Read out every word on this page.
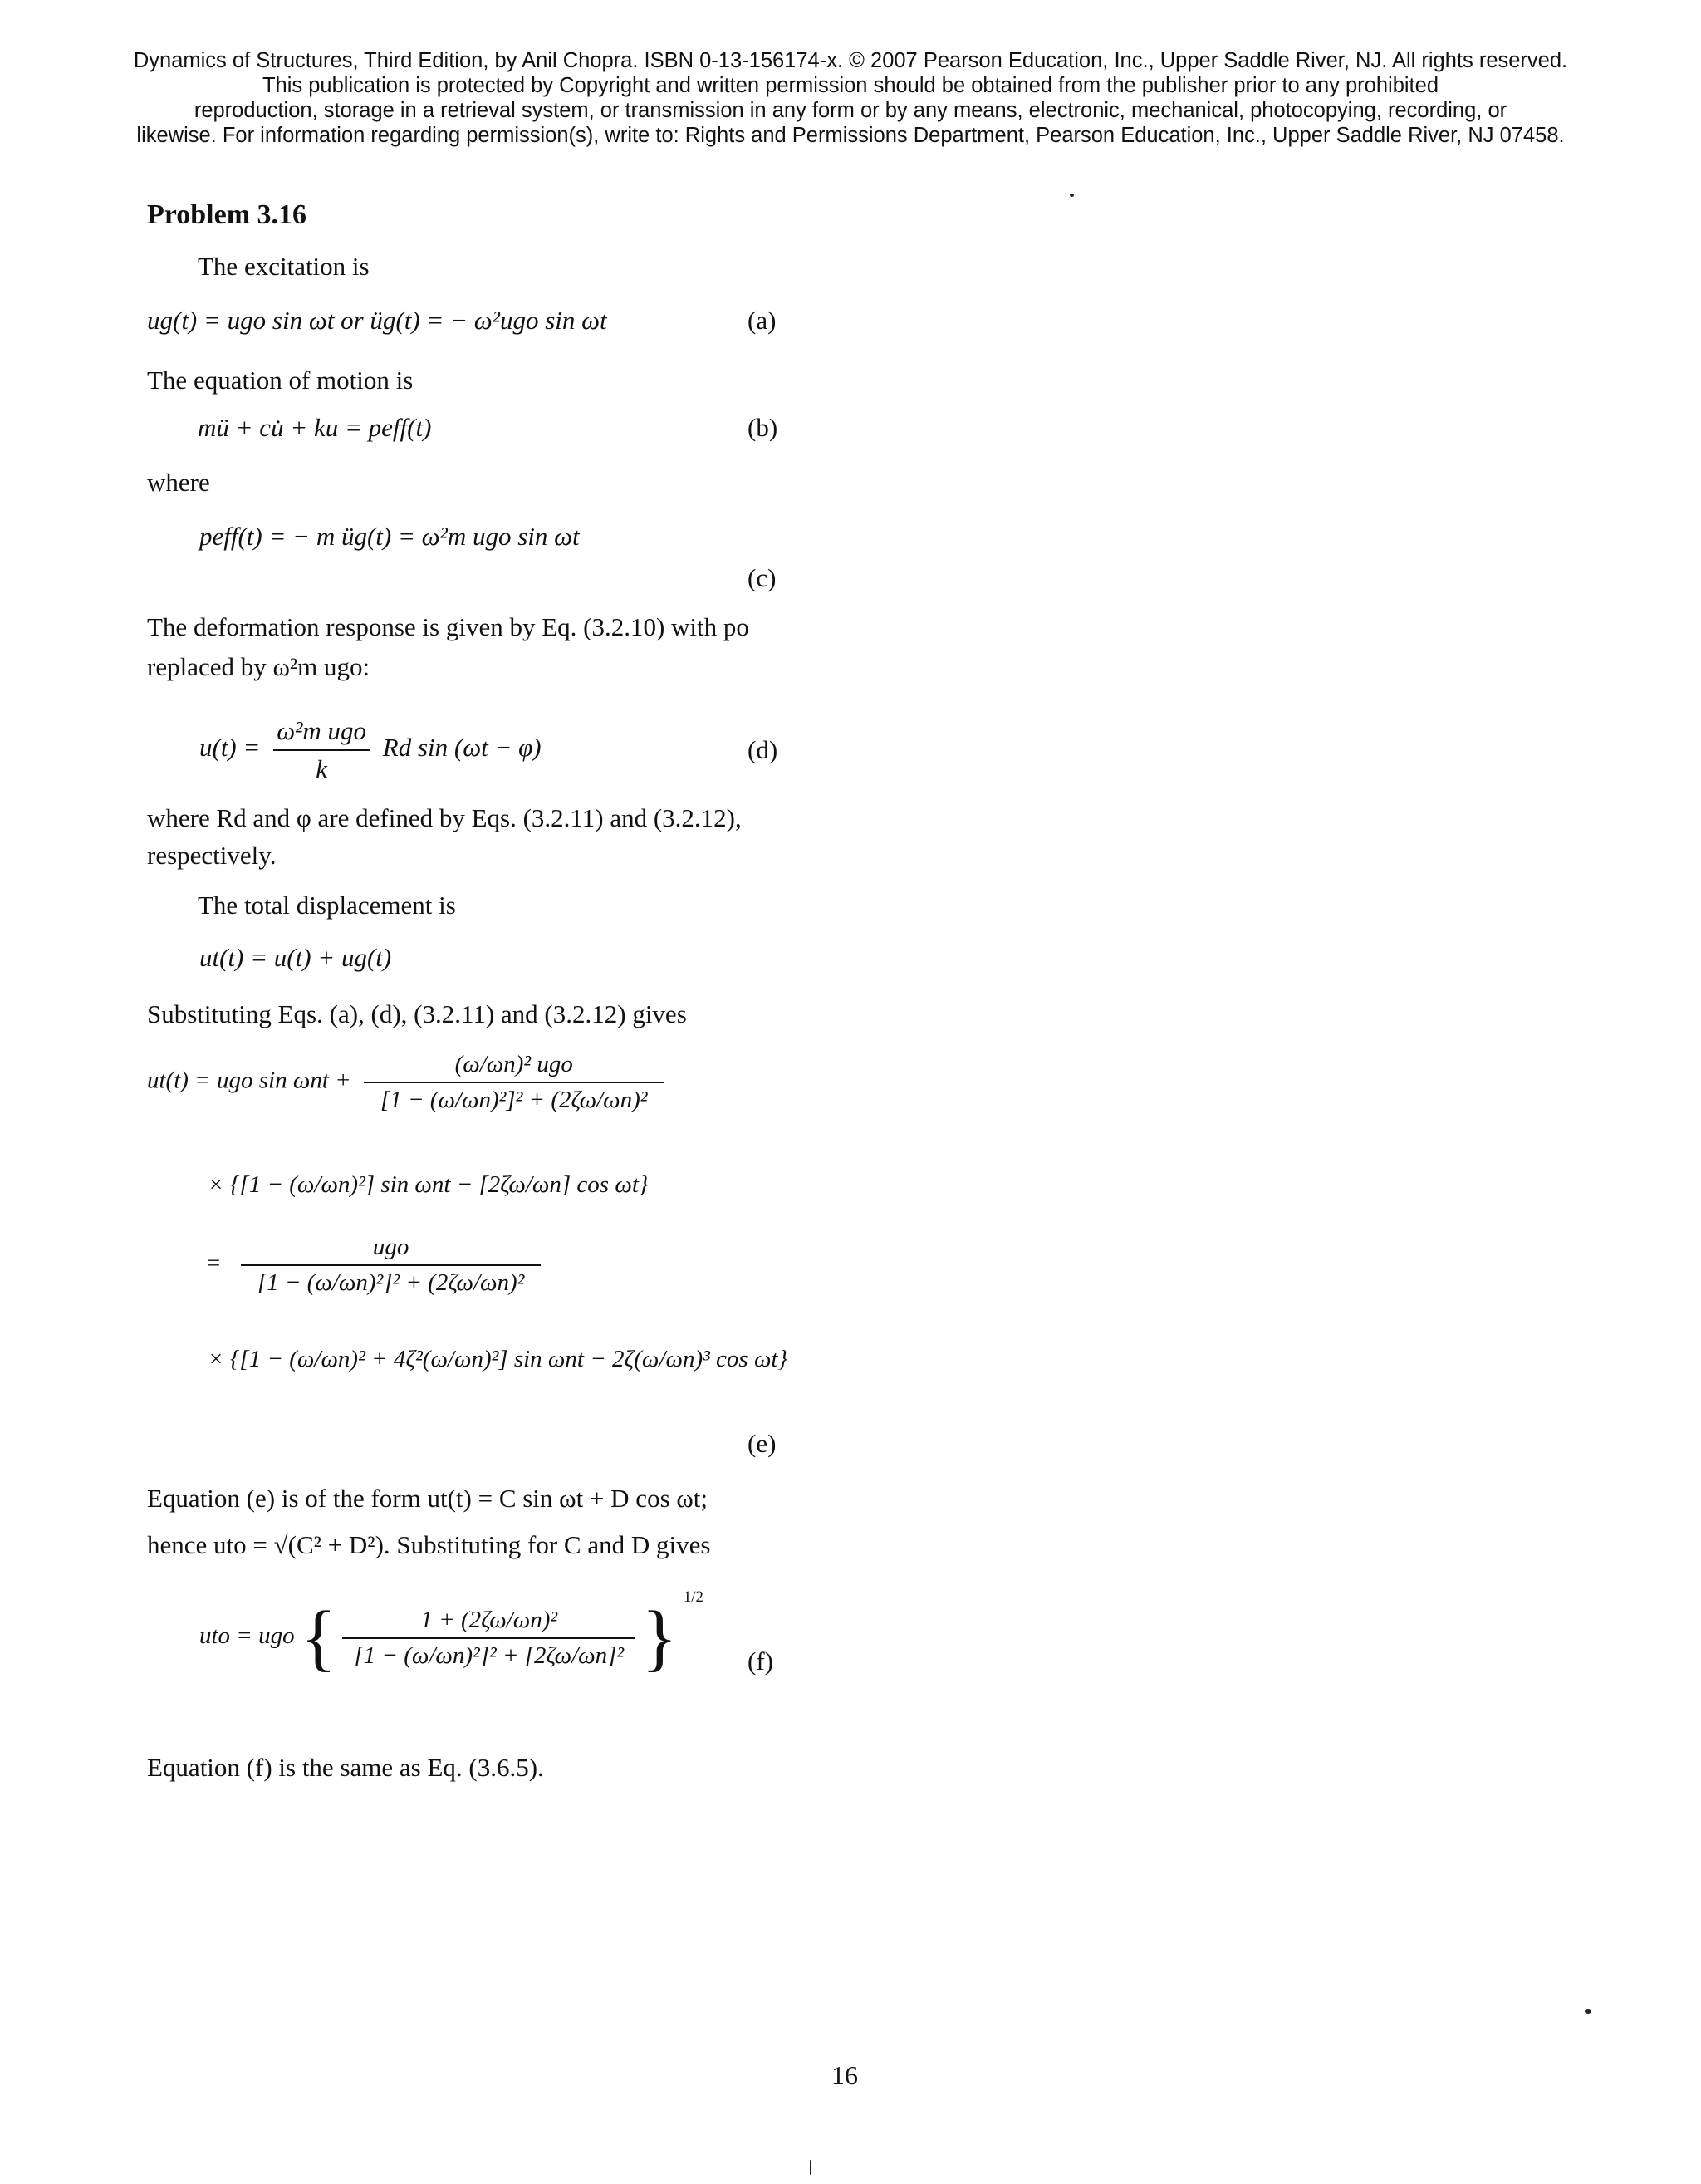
Dynamics of Structures, Third Edition, by Anil Chopra. ISBN 0-13-156174-x. © 2007 Pearson Education, Inc., Upper Saddle River, NJ. All rights reserved.
This publication is protected by Copyright and written permission should be obtained from the publisher prior to any prohibited
reproduction, storage in a retrieval system, or transmission in any form or by any means, electronic, mechanical, photocopying, recording, or
likewise. For information regarding permission(s), write to: Rights and Permissions Department, Pearson Education, Inc., Upper Saddle River, NJ 07458.
Problem 3.16
The excitation is
ug(t) = ugo sin ωt or üg(t) = − ω²ugo sin ωt	(a)
The equation of motion is
mü + cu̇ + ku = peff(t)	(b)
where
peff(t) = − m üg(t) = ω²m ugo sin ωt
(c)
The deformation response is given by Eq. (3.2.10) with po
replaced by ω²m ugo:
$u(t) = \frac{\text{ω²m ugo}}{k}$ Rd sin (ωt − φ)	(d)
where Rd and φ are defined by Eqs. (3.2.11) and (3.2.12),
respectively.
The total displacement is
ut(t) = u(t) + ug(t)
Substituting Eqs. (a), (d), (3.2.11) and (3.2.12) gives
ut(t) = ugo $\sin \omega nt + \frac{\text{(ω/ωn)² ugo}}{\text{[1 − (ω/ωn)²]² + (2ζω/ωn)²}}$
× {[1 − (ω/ωn)²] sin ωnt − [2ζω/ωn] cos ωt}
= $\frac{\text{ugo}}{\text{[1 − (ω/ωn)²]² + (2ζω/ωn)²}}$
× {[1 − (ω/ωn)² + 4ζ²(ω/ωn)²] sin ωnt − 2ζ(ω/ωn)³ cos ωt}
(e)
Equation (e) is of the form ut(t) = C sin ωt + D cos ωt;
hence uto = √(C² + D²). Substituting for C and D gives
uto = ugo { $\frac{\text{1 + (2ζω/ωn)²}}{\text{[1 − (ω/ωn)²]² + [2ζω/ωn]²}}$ } $^{1/2}$
(f)
Equation (f) is the same as Eq. (3.6.5).
16
